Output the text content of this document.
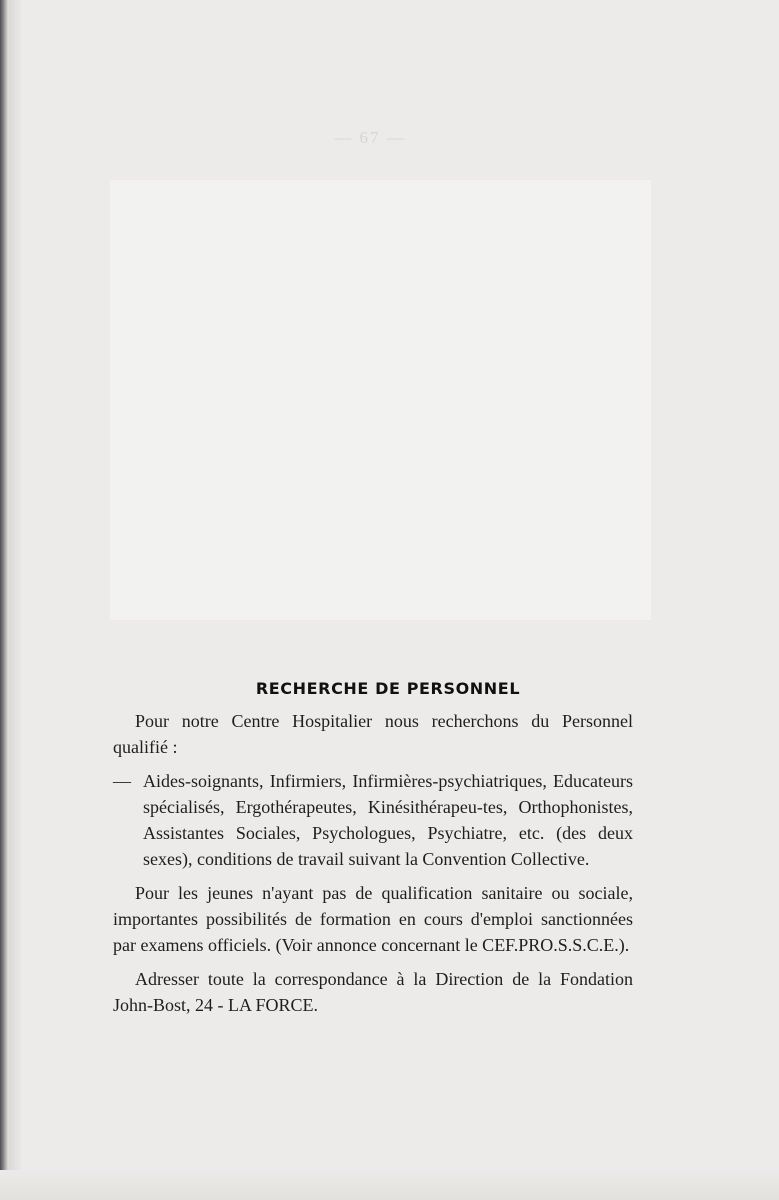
— 67 —
RECHERCHE DE PERSONNEL

Pour notre Centre Hospitalier nous recherchons du Personnel qualifié :

— Aides-soignants, Infirmiers, Infirmières-psychiatriques, Educateurs spécialisés, Ergothérapeutes, Kinésithérapeu-tes, Orthophonistes, Assistantes Sociales, Psychologues, Psychiatre, etc. (des deux sexes), conditions de travail suivant la Convention Collective.

Pour les jeunes n'ayant pas de qualification sanitaire ou sociale, importantes possibilités de formation en cours d'emploi sanctionnées par examens officiels. (Voir annonce concernant le CEF.PRO.S.S.C.E.).

Adresser toute la correspondance à la Direction de la Fondation John-Bost, 24 - LA FORCE.
